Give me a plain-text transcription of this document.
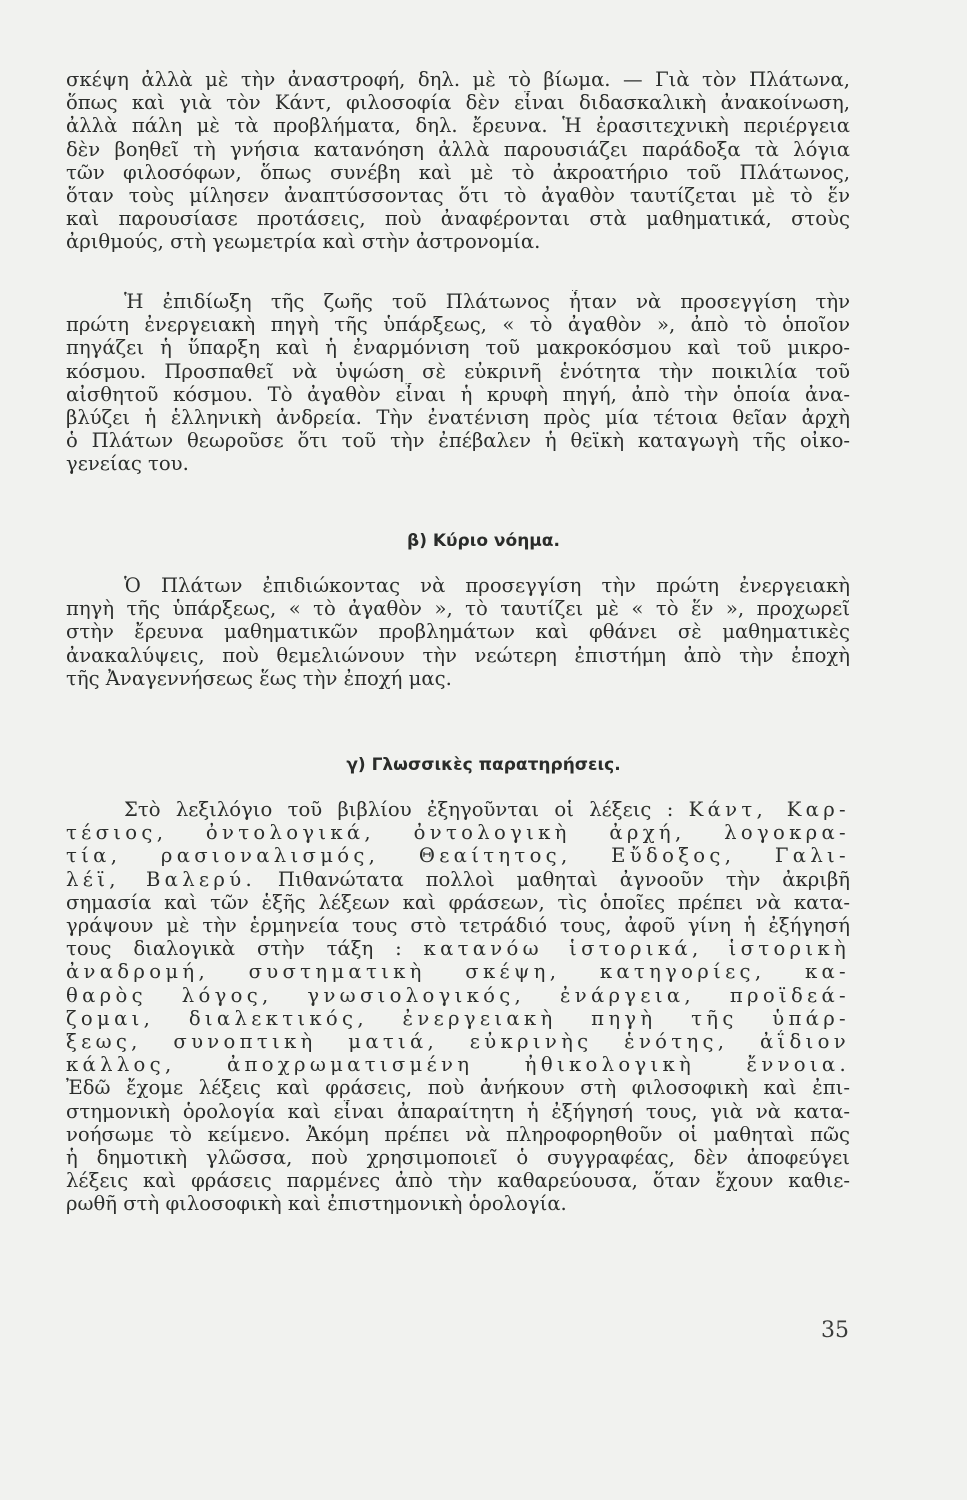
σκέψη ἀλλὰ μὲ τὴν ἀναστροφή, δηλ. μὲ τὸ βίωμα. — Γιὰ τὸν Πλάτωνα,
ὅπως καὶ γιὰ τὸν Κάντ, φιλοσοφία δὲν εἶναι διδασκαλικὴ ἀνακοίνωση,
ἀλλὰ πάλη μὲ τὰ προβλήματα, δηλ. ἔρευνα. Ἡ ἐρασιτεχνικὴ περιέργεια
δὲν βοηθεῖ τὴ γνήσια κατανόηση ἀλλὰ παρουσιάζει παράδοξα τὰ λόγια
τῶν φιλοσόφων, ὅπως συνέβη καὶ μὲ τὸ ἀκροατήριο τοῦ Πλάτωνος,
ὅταν τοὺς μίλησεν ἀναπτύσσοντας ὅτι τὸ ἀγαθὸν ταυτίζεται μὲ τὸ ἕν
καὶ παρουσίασε προτάσεις, ποὺ ἀναφέρονται στὰ μαθηματικά, στοὺς
ἀριθμούς, στὴ γεωμετρία καὶ στὴν ἀστρονομία.
Ἡ ἐπιδίωξη τῆς ζωῆς τοῦ Πλάτωνος ἦταν νὰ προσεγγίση τὴν
πρώτη ἐνεργειακὴ πηγὴ τῆς ὑπάρξεως, « τὸ ἀγαθὸν », ἀπὸ τὸ ὁποῖον
πηγάζει ἡ ὕπαρξη καὶ ἡ ἐναρμόνιση τοῦ μακροκόσμου καὶ τοῦ μικρο-
κόσμου. Προσπαθεῖ νὰ ὑψώση σὲ εὐκρινῆ ἑνότητα τὴν ποικιλία τοῦ
αἰσθητοῦ κόσμου. Τὸ ἀγαθὸν εἶναι ἡ κρυφὴ πηγή, ἀπὸ τὴν ὁποία ἀνα-
βλύζει ἡ ἑλληνικὴ ἀνδρεία. Τὴν ἐνατένιση πρὸς μία τέτοια θεῖαν ἀρχὴ
ὁ Πλάτων θεωροῦσε ὅτι τοῦ τὴν ἐπέβαλεν ἡ θεϊκὴ καταγωγὴ τῆς οἰκο-
γενείας του.
β) Κύριο νόημα.
Ὁ Πλάτων ἐπιδιώκοντας νὰ προσεγγίση τὴν πρώτη ἐνεργειακὴ
πηγὴ τῆς ὑπάρξεως, « τὸ ἀγαθὸν », τὸ ταυτίζει μὲ « τὸ ἕν », προχωρεῖ
στὴν ἔρευνα μαθηματικῶν προβλημάτων καὶ φθάνει σὲ μαθηματικὲς
ἀνακαλύψεις, ποὺ θεμελιώνουν τὴν νεώτερη ἐπιστήμη ἀπὸ τὴν ἐποχὴ
τῆς Ἀναγεννήσεως ἕως τὴν ἐποχή μας.
γ) Γλωσσικὲς παρατηρήσεις.
Στὸ λεξιλόγιο τοῦ βιβλίου ἐξηγοῦνται οἱ λέξεις : Κάντ, Καρ-
τέσιος, ὀντολογικά, ὀντολογικὴ ἀρχή, λογοκρα-
τία, ρασιοναλισμός, Θεαίτητος, Εὔδοξος, Γαλι-
λέϊ, Βαλερύ. Πιθανώτατα πολλοὶ μαθηταὶ ἀγνοοῦν τὴν ἀκριβῆ
σημασία καὶ τῶν ἑξῆς λέξεων καὶ φράσεων, τὶς ὁποῖες πρέπει νὰ κατα-
γράψουν μὲ τὴν ἑρμηνεία τους στὸ τετράδιό τους, ἀφοῦ γίνη ἡ ἐξήγησή
τους διαλογικὰ στὴν τάξη : κατανόω ἱστορικά, ἱστορικὴ
ἀναδρομή, συστηματικὴ σκέψη, κατηγορίες, κα-
θαρὸς λόγος, γνωσιολογικός, ἐνάργεια, προϊδεά-
ζομαι, διαλεκτικός, ἐνεργειακὴ πηγὴ τῆς ὑπάρ-
ξεως, συνοπτικὴ ματιά, εὐκρινὴς ἑνότης, ἀΐδιον
κάλλος, ἀποχρωματισμένη ἠθικολογικὴ ἔννοια.
Ἐδῶ ἔχομε λέξεις καὶ φράσεις, ποὺ ἀνήκουν στὴ φιλοσοφικὴ καὶ ἐπι-
στημονικὴ ὁρολογία καὶ εἶναι ἀπαραίτητη ἡ ἐξήγησή τους, γιὰ νὰ κατα-
νοήσωμε τὸ κείμενο. Ἀκόμη πρέπει νὰ πληροφορηθοῦν οἱ μαθηταὶ πῶς
ἡ δημοτικὴ γλῶσσα, ποὺ χρησιμοποιεῖ ὁ συγγραφέας, δὲν ἀποφεύγει
λέξεις καὶ φράσεις παρμένες ἀπὸ τὴν καθαρεύουσα, ὅταν ἔχουν καθιε-
ρωθῆ στὴ φιλοσοφικὴ καὶ ἐπιστημονικὴ ὁρολογία.
35
